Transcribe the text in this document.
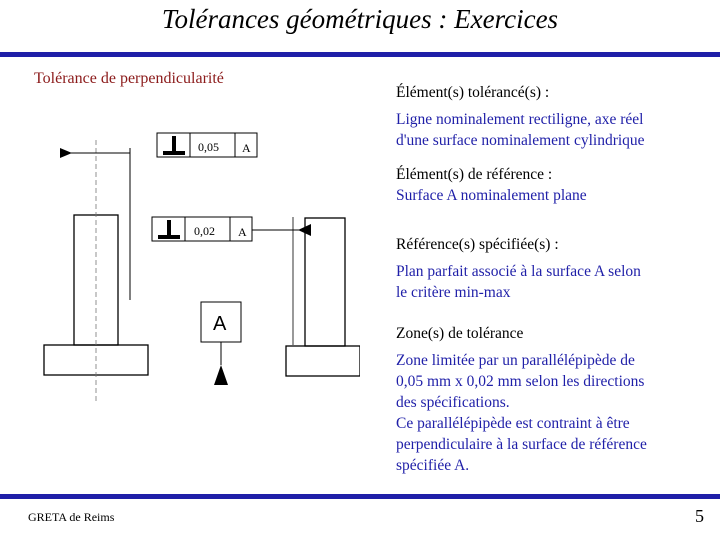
Tolérances géométriques : Exercices
Tolérance de perpendicularité
0,05 A
0,02 A
A
Élément(s) tolérancé(s) :
Ligne nominalement rectiligne, axe réel
d'une surface nominalement cylindrique
Élément(s) de référence :
Surface A nominalement plane
Référence(s) spécifiée(s) :
Plan parfait associé à la surface A selon
le critère min-max
Zone(s) de tolérance
Zone limitée par un parallélépipède de
0,05 mm x 0,02 mm selon les directions
des spécifications.
Ce parallélépipède est contraint à être
perpendiculaire à la surface de référence
spécifiée A.
GRETA de Reims	5
